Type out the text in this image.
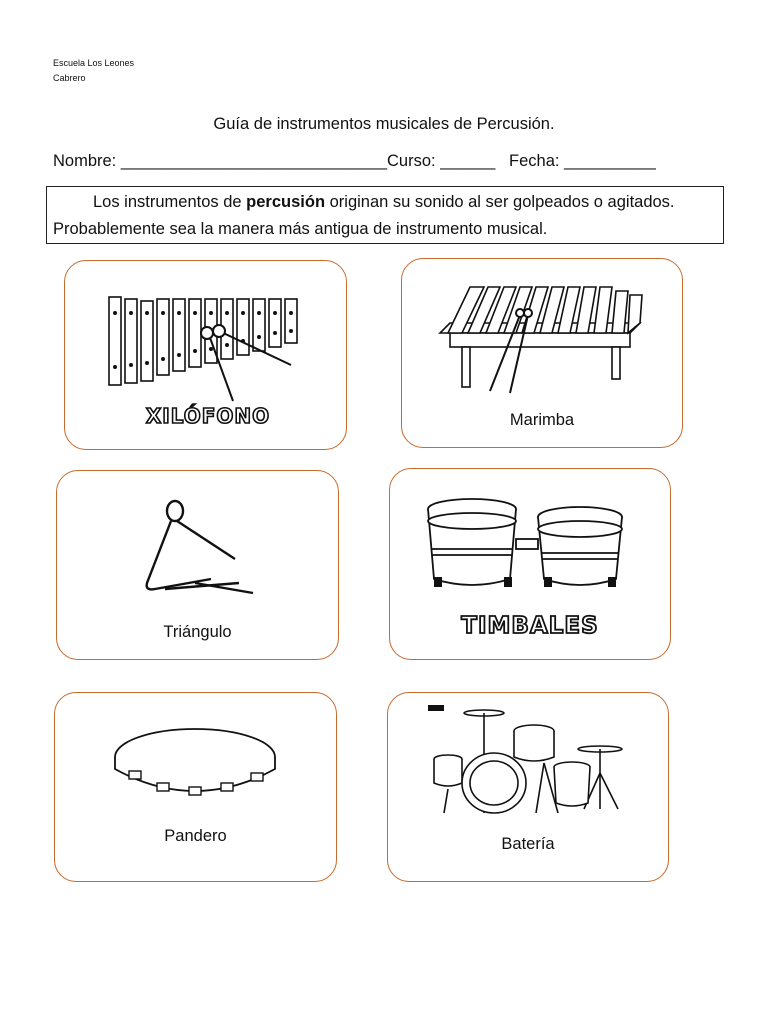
Escuela Los Leones
Cabrero
Guía de instrumentos musicales de Percusión.
Nombre: _____________________________Curso: ______ Fecha: __________
Los instrumentos de percusión originan su sonido al ser golpeados o agitados. Probablemente sea la manera más antigua de instrumento musical.
XILÓFONO	Marimba
Triángulo	TIMBALES
Pandero	Batería
